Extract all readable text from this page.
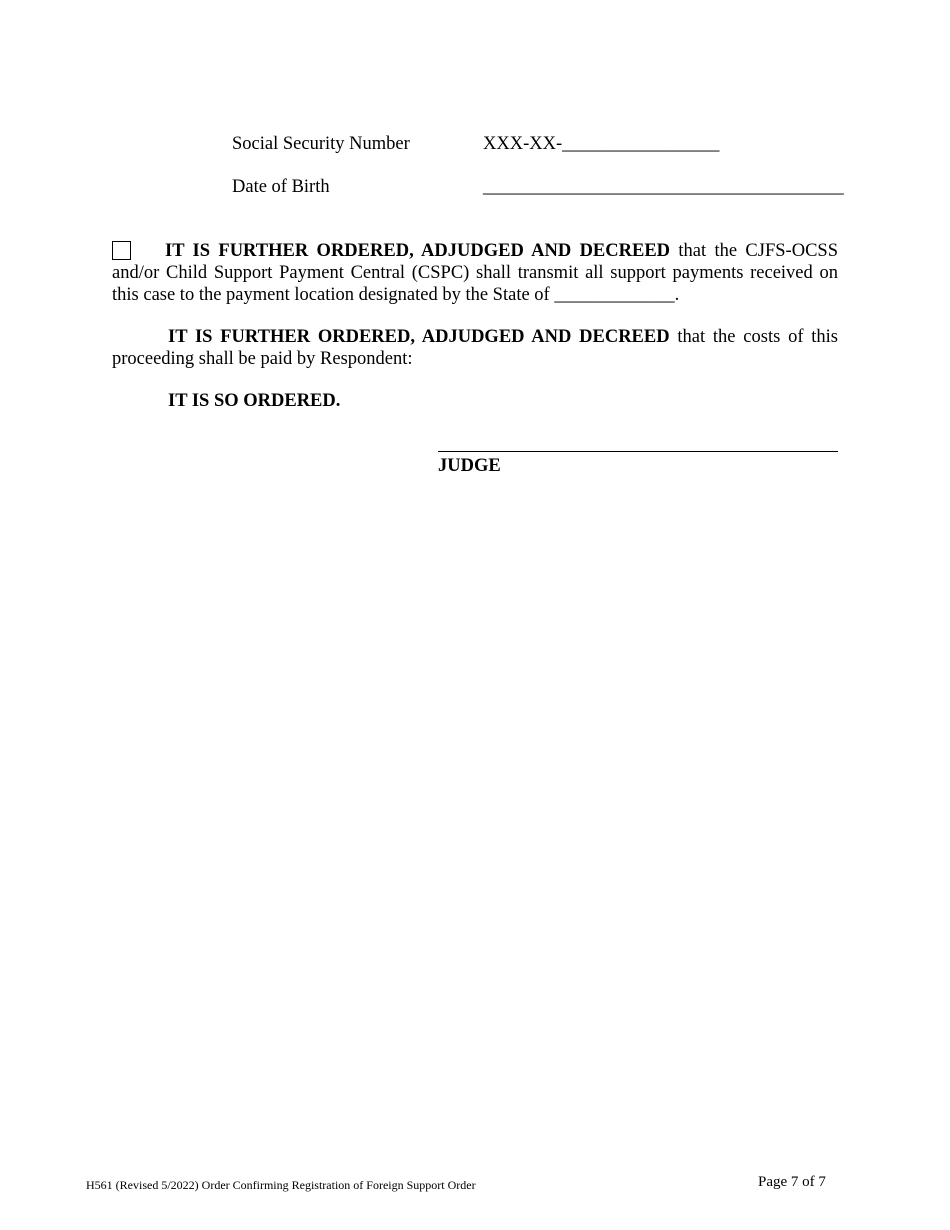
Social Security Number	XXX-XX-_________________
Date of Birth	_______________________________________
IT IS FURTHER ORDERED, ADJUDGED AND DECREED that the CJFS-OCSS and/or Child Support Payment Central (CSPC) shall transmit all support payments received on this case to the payment location designated by the State of _____________.
IT IS FURTHER ORDERED, ADJUDGED AND DECREED that the costs of this proceeding shall be paid by Respondent:
IT IS SO ORDERED.
JUDGE
H561 (Revised 5/2022) Order Confirming Registration of Foreign Support Order	Page 7 of 7
